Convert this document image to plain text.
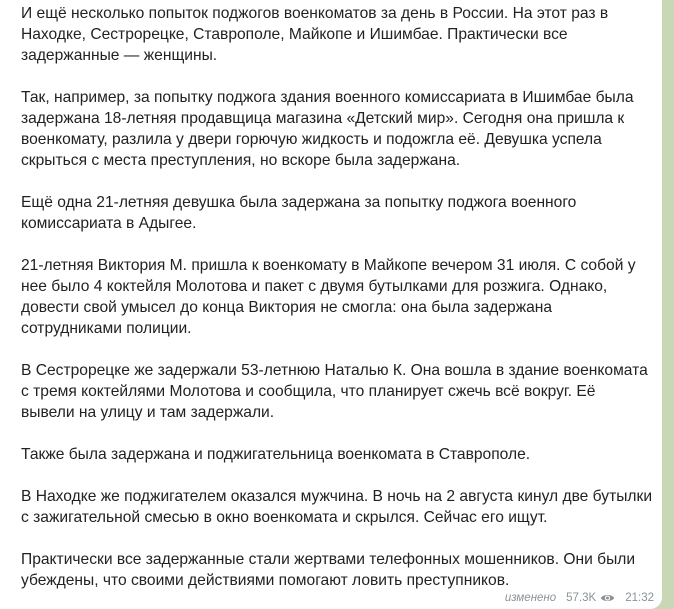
И ещё несколько попыток поджогов военкоматов за день в России. На этот раз в Находке, Сестрорецке, Ставрополе, Майкопе и Ишимбае. Практически все задержанные — женщины.

Так, например, за попытку поджога здания военного комиссариата в Ишимбае была задержана 18-летняя продавщица магазина «Детский мир». Сегодня она пришла к военкомату, разлила у двери горючую жидкость и подожгла её. Девушка успела скрыться с места преступления, но вскоре была задержана.

Ещё одна 21-летняя девушка была задержана за попытку поджога военного комиссариата в Адыгее.

21-летняя Виктория М. пришла к военкомату в Майкопе вечером 31 июля. С собой у нее было 4 коктейля Молотова и пакет с двумя бутылками для розжига. Однако, довести свой умысел до конца Виктория не смогла: она была задержана сотрудниками полиции.

В Сестрорецке же задержали 53-летнюю Наталью К. Она вошла в здание военкомата с тремя коктейлями Молотова и сообщила, что планирует сжечь всё вокруг. Её вывели на улицу и там задержали.

Также была задержана и поджигательница военкомата в Ставрополе.

В Находке же поджигателем оказался мужчина. В ночь на 2 августа кинул две бутылки с зажигательной смесью в окно военкомата и скрылся. Сейчас его ищут.

Практически все задержанные стали жертвами телефонных мошенников. Они были убеждены, что своими действиями помогают ловить преступников.

изменено 57.3K	21:32
